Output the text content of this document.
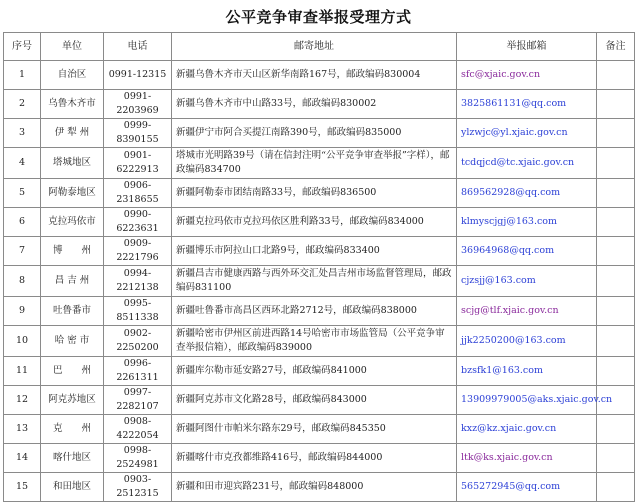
公平竞争审查举报受理方式
序号	单位	电话	邮寄地址	举报邮箱	备注
1	自治区	0991-12315	新疆乌鲁木齐市天山区新华南路167号，邮政编码830004	sfc@xjaic.gov.cn	
2	乌鲁木齐市	0991-2203969	新疆乌鲁木齐市中山路33号，邮政编码830002	3825861131@qq.com	
3	伊 犁 州	0999-8390155	新疆伊宁市阿合买提江南路390号，邮政编码835000	ylzwjc@yl.xjaic.gov.cn	
4	塔城地区	0901-6222913	塔城市光明路39号（请在信封注明“公平竞争审查举报”字样），邮政编码834700	tcdqjcd@tc.xjaic.gov.cn	
5	阿勒泰地区	0906-2318655	新疆阿勒泰市团结南路33号，邮政编码836500	869562928@qq.com	
6	克拉玛依市	0990-6223631	新疆克拉玛依市克拉玛依区胜利路33号，邮政编码834000	klmyscjgj@163.com	
7	博　　州	0909-2221796	新疆博乐市阿拉山口北路9号，邮政编码833400	36964968@qq.com	
8	昌 吉 州	0994-2212138	新疆昌吉市健康西路与西外环交汇处昌吉州市场监督管理局，邮政编码831100	cjzsjj@163.com	
9	吐鲁番市	0995-8511338	新疆吐鲁番市高昌区西环北路2712号，邮政编码838000	scjg@tlf.xjaic.gov.cn	
10	哈 密 市	0902-2250200	新疆哈密市伊州区前进西路14号哈密市市场监管局（公平竞争审查举报信箱），邮政编码839000	jjk2250200@163.com	
11	巴　　州	0996-2261311	新疆库尔勒市延安路27号，邮政编码841000	bzsfk1@163.com	
12	阿克苏地区	0997-2282107	新疆阿克苏市文化路28号，邮政编码843000	13909979005@aks.xjaic.gov.cn	
13	克　　州	0908-4222054	新疆阿图什市帕米尔路东29号，邮政编码845350	kxz@kz.xjaic.gov.cn	
14	喀什地区	0998-2524981	新疆喀什市克孜都维路416号，邮政编码844000	ltk@ks.xjaic.gov.cn	
15	和田地区	0903-2512315	新疆和田市迎宾路231号，邮政编码848000	565272945@qq.com	
